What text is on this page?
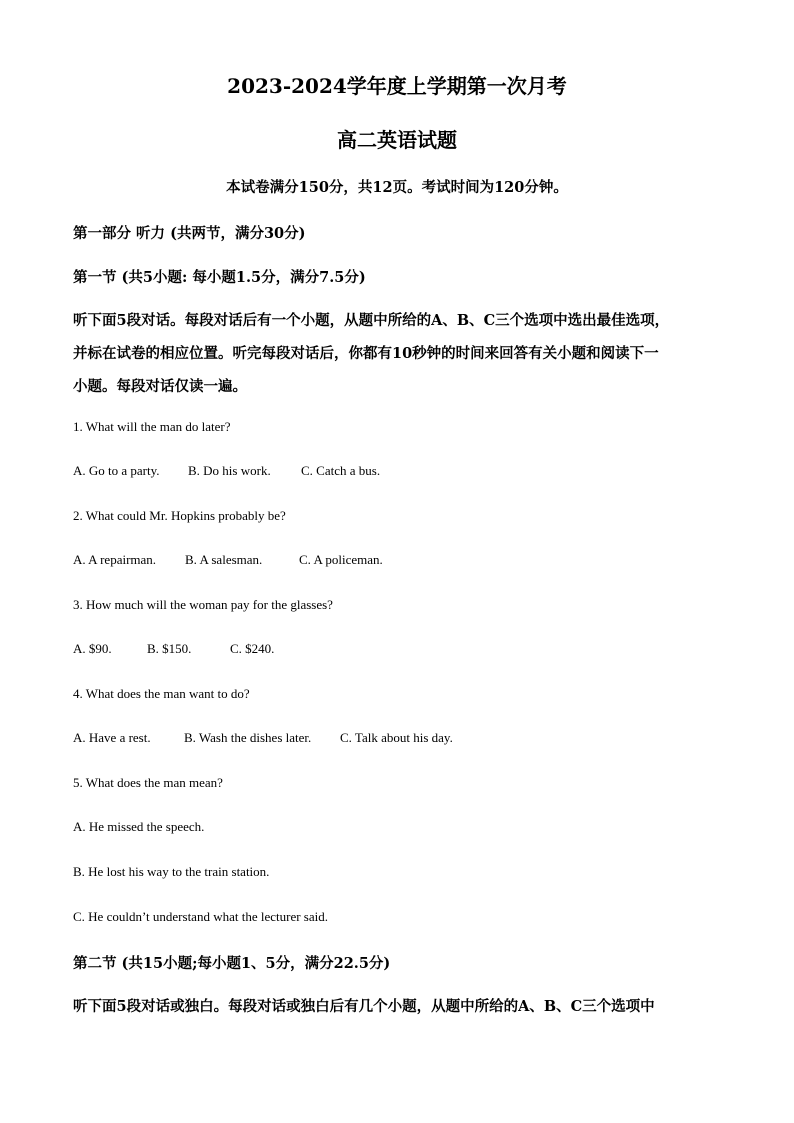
2023-2024学年度上学期第一次月考
高二英语试题
本试卷满分150分，共12页。考试时间为120分钟。
第一部分 听力 (共两节，满分30分)
第一节 (共5小题: 每小题1.5分，满分7.5分)
听下面5段对话。每段对话后有一个小题，从题中所给的A、B、C三个选项中选出最佳选项，
并标在试卷的相应位置。听完每段对话后，你都有10秒钟的时间来回答有关小题和阅读下一
小题。每段对话仅读一遍。
1. What will the man do later?
A. Go to a party. B. Do his work. C. Catch a bus.
2. What could Mr. Hopkins probably be?
A. A repairman. B. A salesman.	C. A policeman.
3. How much will the woman pay for the glasses?
A. $90.	B. $150.	C. $240.
4. What does the man want to do?
A. Have a rest.	B. Wash the dishes later. C. Talk about his day.
5. What does the man mean?
A. He missed the speech.
B. He lost his way to the train station.
C. He couldn’t understand what the lecturer said.
第二节 (共15小题;每小题1、5分，满分22.5分)
听下面5段对话或独白。每段对话或独白后有几个小题，从题中所给的A、B、C三个选项中
